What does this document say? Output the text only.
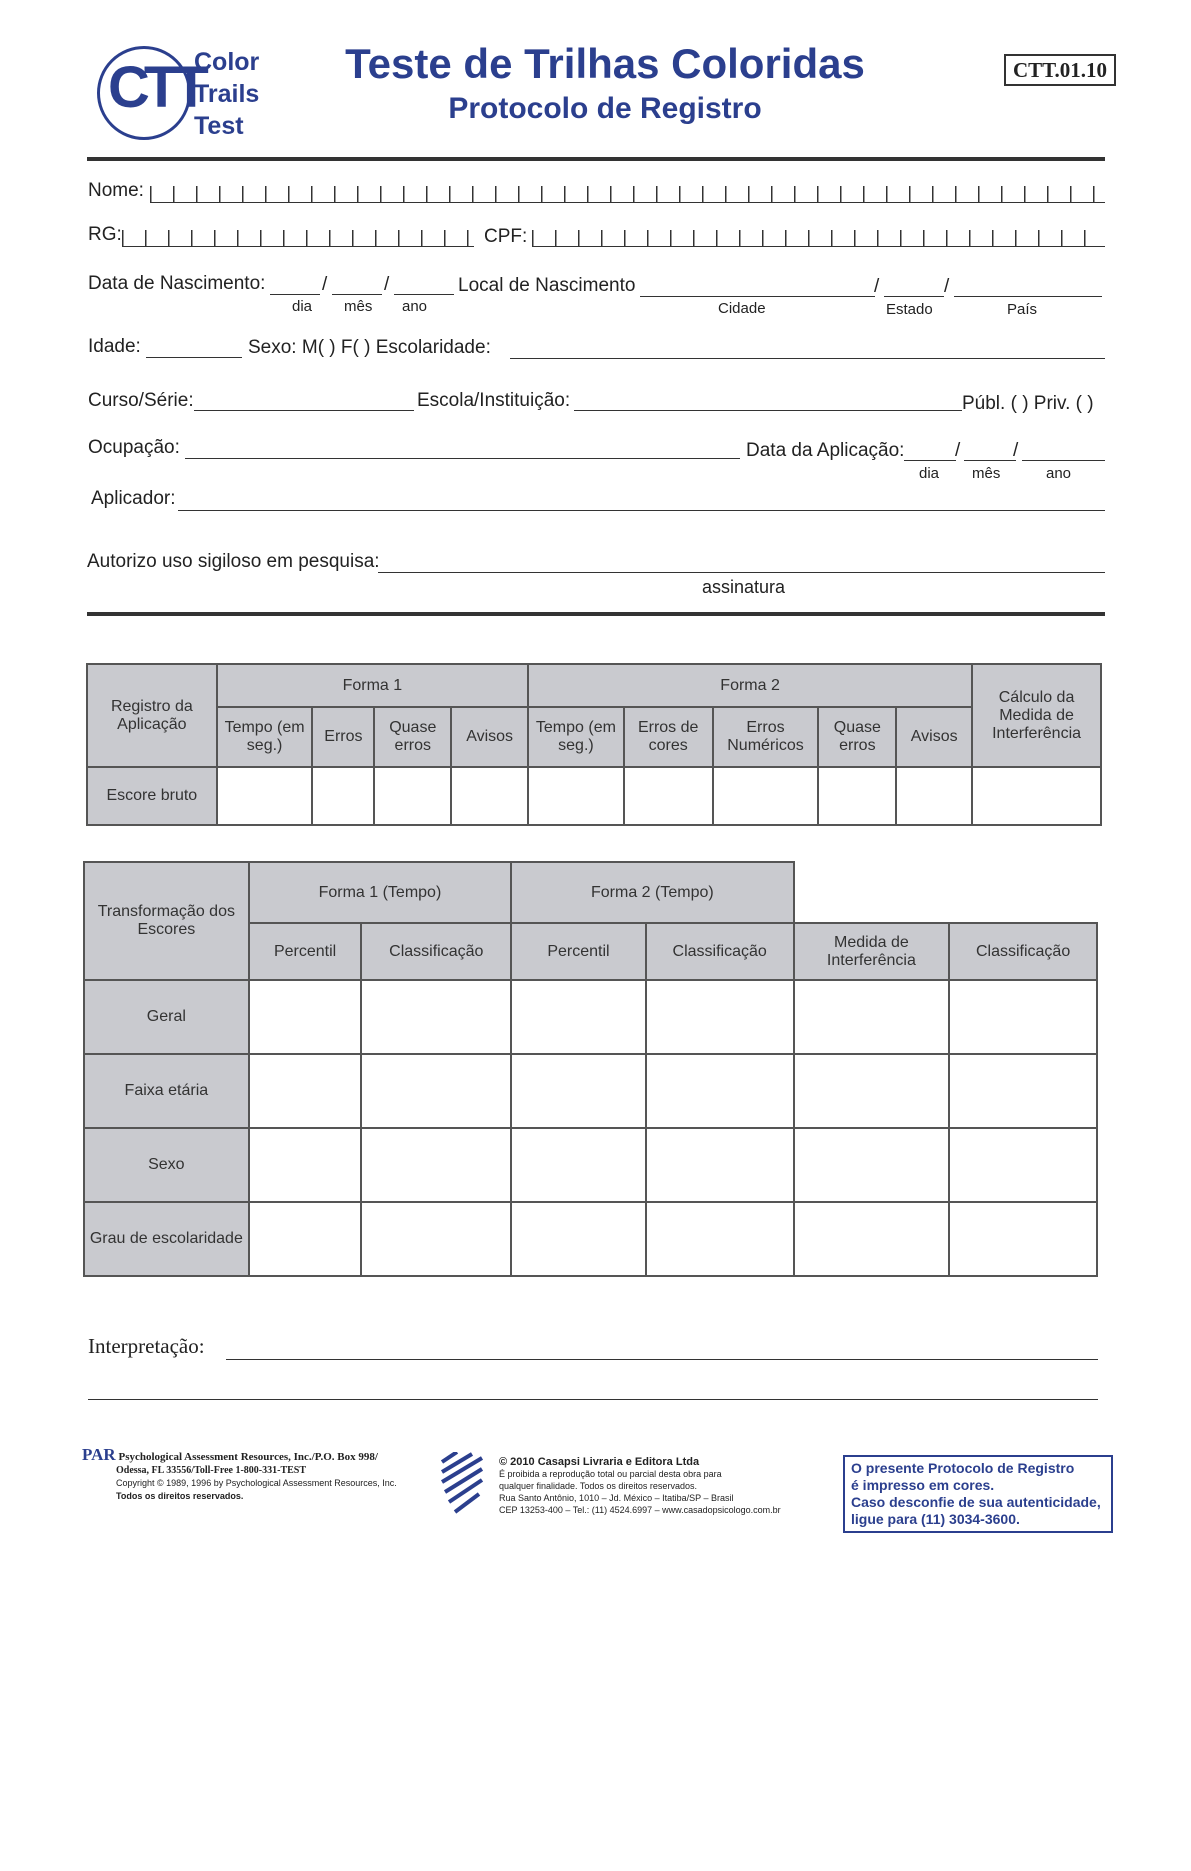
CTT
Color
Trails
Test
Teste de Trilhas Coloridas
Protocolo de Registro
CTT.01.10
Nome:
RG:	CPF:
Data de Nascimento:	/	/
dia mês ano
Local de Nascimento	/	/
Cidade	Estado	País
Idade:	Sexo: M( ) F( ) Escolaridade:
Curso/Série:	Escola/Instituição:	Públ. ( ) Priv. ( )
Ocupação:	Data da Aplicação:	/	/
dia mês	ano
Aplicador:
Autorizo uso sigiloso em pesquisa:
assinatura
Registro da Aplicação	Forma 1				Forma 2					Cálculo da Medida de Interferência
	Tempo (em seg.)	Erros	Quase erros	Avisos	Tempo (em seg.)	Erros de cores	Erros Numéricos	Quase erros	Avisos	
Escore bruto										
Transformação dos Escores	Forma 1 (Tempo)		Forma 2 (Tempo)			
	Percentil	Classificação	Percentil	Classificação	Medida de Interferência	Classificação
Geral						
Faixa etária						
Sexo						
Grau de escolaridade						
Interpretação:
PAR Psychological Assessment Resources, Inc./P.O. Box 998/
Odessa, FL 33556/Toll-Free 1-800-331-TEST
Copyright © 1989, 1996 by Psychological Assessment Resources, Inc.
Todos os direitos reservados.
© 2010 Casapsi Livraria e Editora Ltda
É proibida a reprodução total ou parcial desta obra para
qualquer finalidade. Todos os direitos reservados.
Rua Santo Antônio, 1010 – Jd. México – Itatiba/SP – Brasil
CEP 13253-400 – Tel.: (11) 4524.6997 – www.casadopsicologo.com.br
O presente Protocolo de Registro
é impresso em cores.
Caso desconfie de sua autenticidade,
ligue para (11) 3034-3600.
